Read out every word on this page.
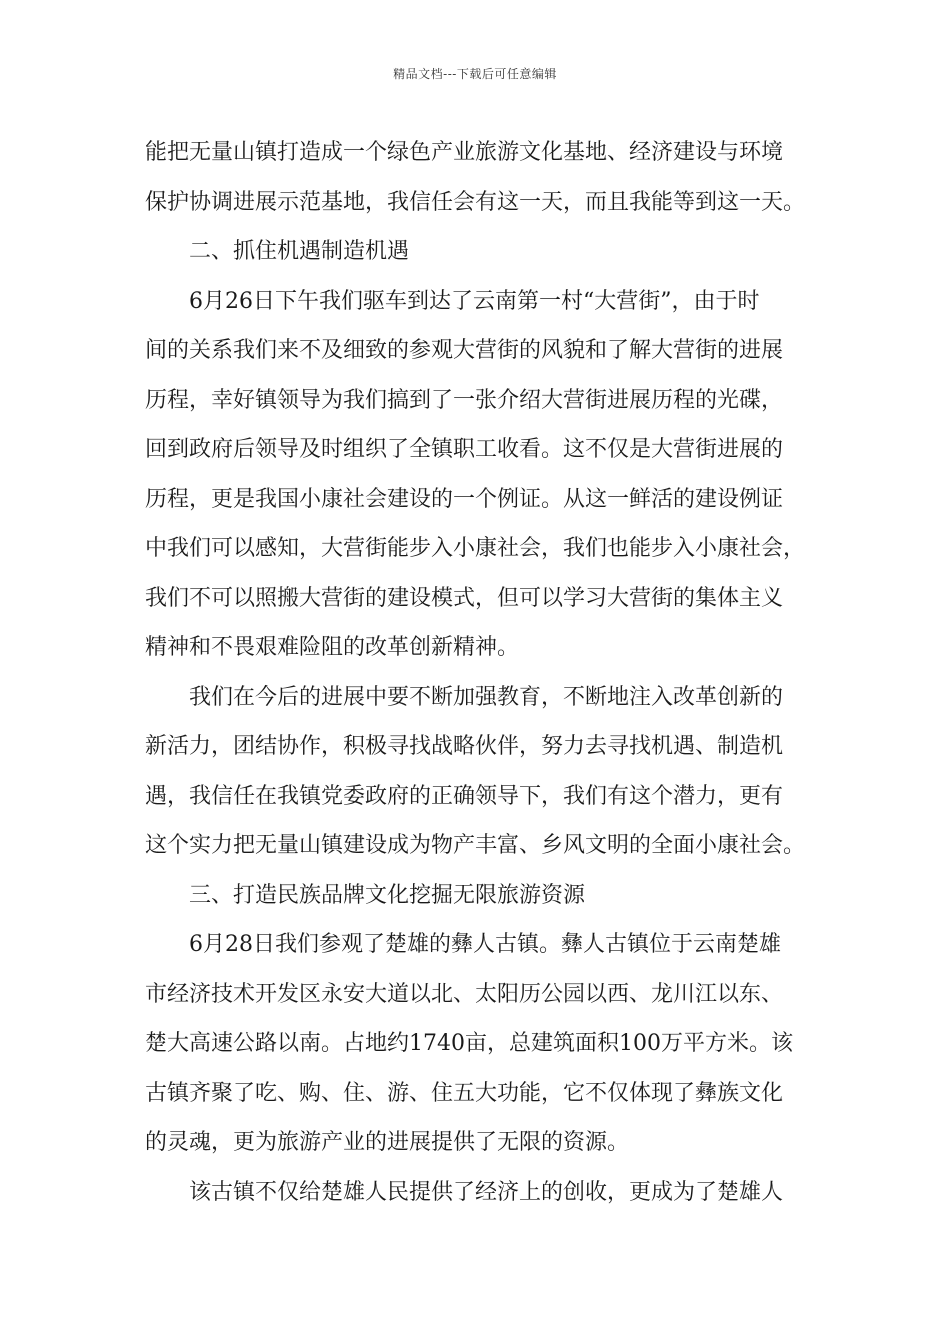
精品文档---下载后可任意编辑
能把无量山镇打造成一个绿色产业旅游文化基地、经济建设与环境
保护协调进展示范基地，我信任会有这一天，而且我能等到这一天。
二、抓住机遇制造机遇
6月26日下午我们驱车到达了云南第一村“大营街”，由于时
间的关系我们来不及细致的参观大营街的风貌和了解大营街的进展
历程，幸好镇领导为我们搞到了一张介绍大营街进展历程的光碟，
回到政府后领导及时组织了全镇职工收看。这不仅是大营街进展的
历程，更是我国小康社会建设的一个例证。从这一鲜活的建设例证
中我们可以感知，大营街能步入小康社会，我们也能步入小康社会，
我们不可以照搬大营街的建设模式，但可以学习大营街的集体主义
精神和不畏艰难险阻的改革创新精神。
我们在今后的进展中要不断加强教育，不断地注入改革创新的
新活力，团结协作，积极寻找战略伙伴，努力去寻找机遇、制造机
遇，我信任在我镇党委政府的正确领导下，我们有这个潜力，更有
这个实力把无量山镇建设成为物产丰富、乡风文明的全面小康社会。
三、打造民族品牌文化挖掘无限旅游资源
6月28日我们参观了楚雄的彝人古镇。彝人古镇位于云南楚雄
市经济技术开发区永安大道以北、太阳历公园以西、龙川江以东、
楚大高速公路以南。占地约1740亩，总建筑面积100万平方米。该
古镇齐聚了吃、购、住、游、住五大功能，它不仅体现了彝族文化
的灵魂，更为旅游产业的进展提供了无限的资源。
该古镇不仅给楚雄人民提供了经济上的创收，更成为了楚雄人
